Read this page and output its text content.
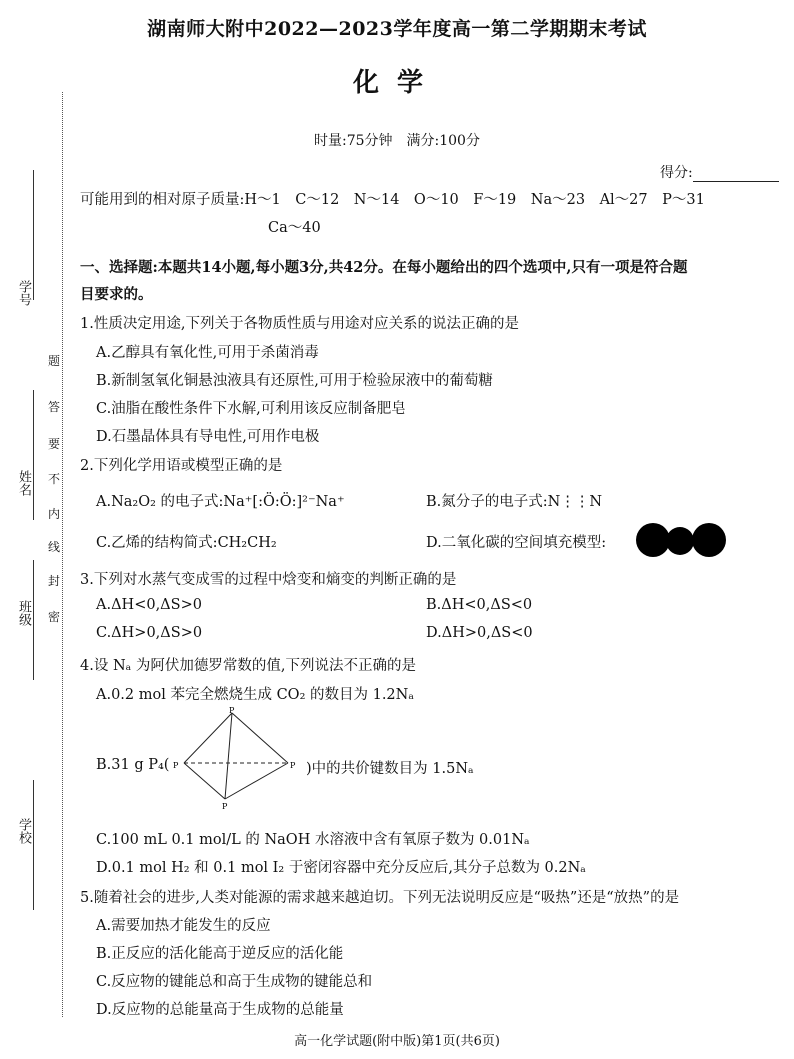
学号
姓名
班级
学校
密
封
线
内
不
要
答
题
湖南师大附中2022—2023学年度高一第二学期期末考试
化学
时量:75分钟　满分:100分
得分:
可能用到的相对原子质量:H～1　C～12　N～14　O～10　F～19　Na～23　Al～27　P～31
Ca～40
一、选择题:本题共14小题,每小题3分,共42分。在每小题给出的四个选项中,只有一项是符合题
目要求的。
1.性质决定用途,下列关于各物质性质与用途对应关系的说法正确的是
A.乙醇具有氧化性,可用于杀菌消毒
B.新制氢氧化铜悬浊液具有还原性,可用于检验尿液中的葡萄糖
C.油脂在酸性条件下水解,可利用该反应制备肥皂
D.石墨晶体具有导电性,可用作电极
2.下列化学用语或模型正确的是
A.Na₂O₂ 的电子式:Na⁺[:Ö:Ö:]²⁻Na⁺	B.氮分子的电子式:N⋮⋮N
C.乙烯的结构简式:CH₂CH₂	D.二氧化碳的空间填充模型:
3.下列对水蒸气变成雪的过程中焓变和熵变的判断正确的是
A.ΔH<0,ΔS>0	B.ΔH<0,ΔS<0
C.ΔH>0,ΔS>0	D.ΔH>0,ΔS<0
4.设 Nₐ 为阿伏加德罗常数的值,下列说法不正确的是
A.0.2 mol 苯完全燃烧生成 CO₂ 的数目为 1.2Nₐ
B.31 g P₄(
P
P	P
P
)中的共价键数目为 1.5Nₐ
C.100 mL 0.1 mol/L 的 NaOH 水溶液中含有氧原子数为 0.01Nₐ
D.0.1 mol H₂ 和 0.1 mol I₂ 于密闭容器中充分反应后,其分子总数为 0.2Nₐ
5.随着社会的进步,人类对能源的需求越来越迫切。下列无法说明反应是“吸热”还是“放热”的是
A.需要加热才能发生的反应
B.正反应的活化能高于逆反应的活化能
C.反应物的键能总和高于生成物的键能总和
D.反应物的总能量高于生成物的总能量
高一化学试题(附中版)第1页(共6页)
